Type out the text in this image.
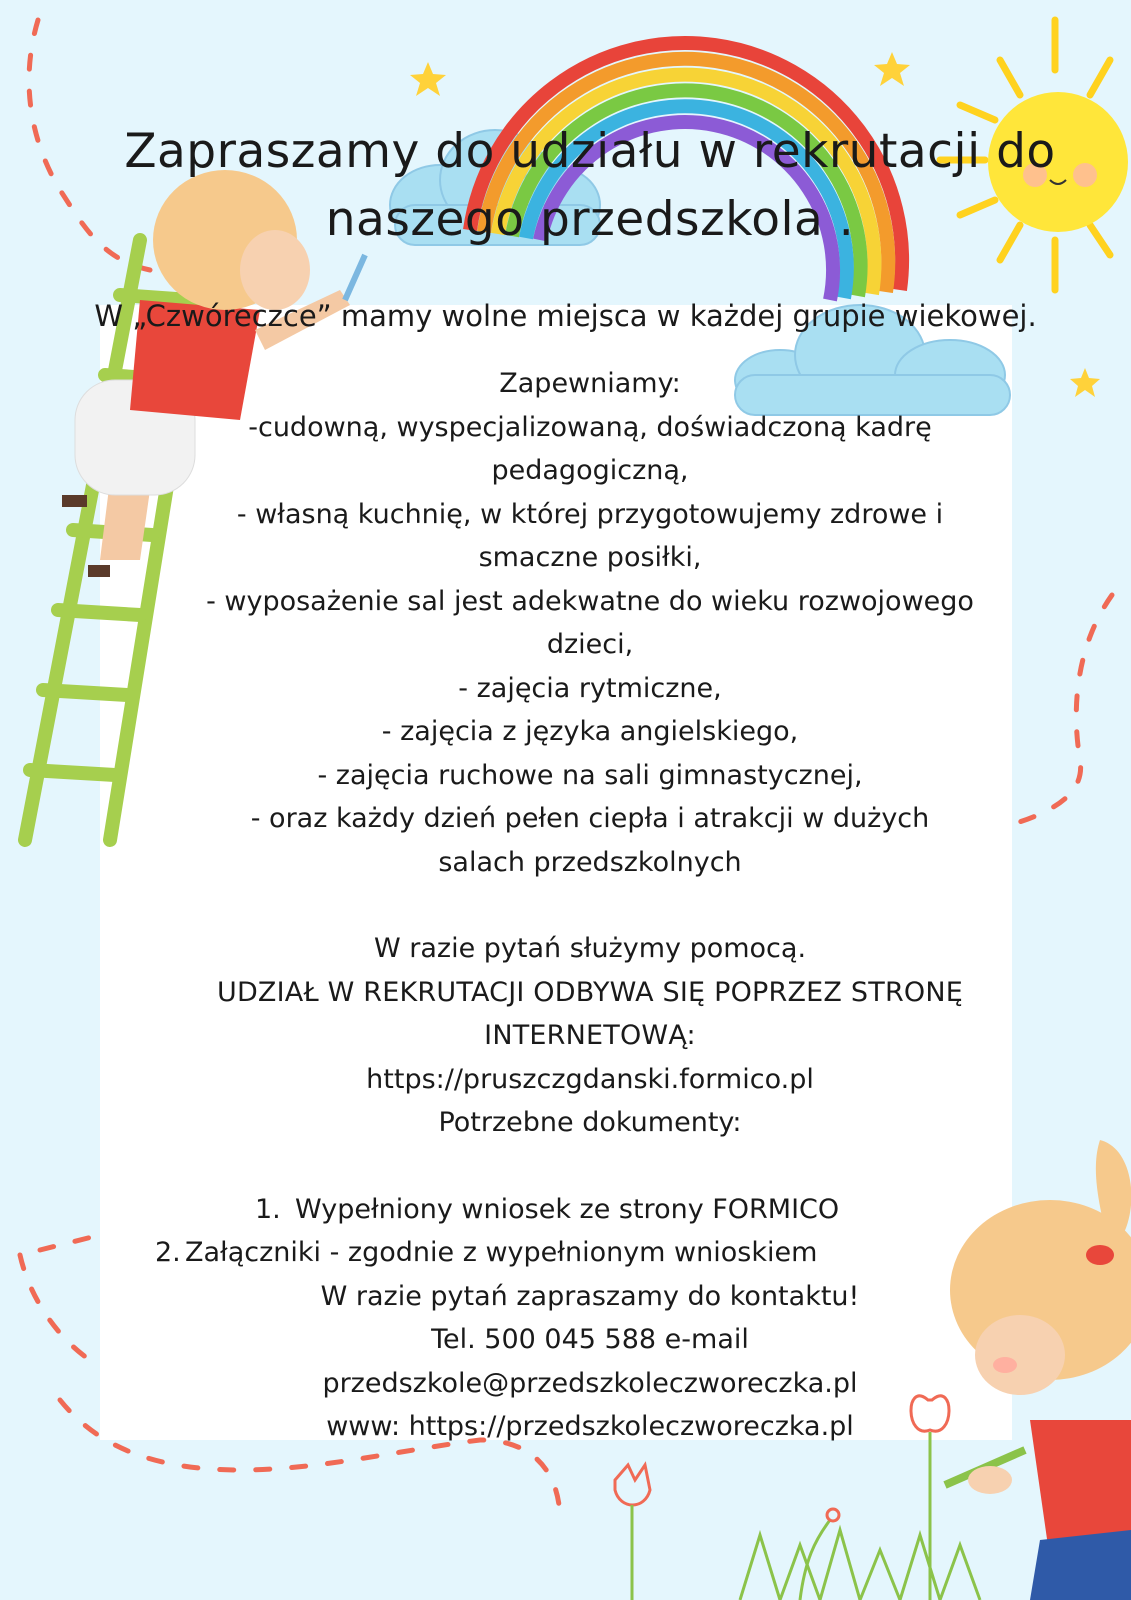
Zapraszamy do udziału w rekrutacji do
naszego przedszkola .
W „Czwóreczce” mamy wolne miejsca w każdej grupie wiekowej.

Zapewniamy:

-cudowną, wyspecjalizowaną, doświadczoną kadrę

pedagogiczną,

- własną kuchnię, w której przygotowujemy zdrowe i

smaczne posiłki,

- wyposażenie sal jest adekwatne do wieku rozwojowego

dzieci,

- zajęcia rytmiczne,

- zajęcia z języka angielskiego,

- zajęcia ruchowe na sali gimnastycznej,

- oraz każdy dzień pełen ciepła i atrakcji w dużych

salach przedszkolnych

W razie pytań służymy pomocą.

UDZIAŁ W REKRUTACJI ODBYWA SIĘ POPRZEZ STRONĘ

INTERNETOWĄ:

https://pruszczgdanski.formico.pl

Potrzebne dokumenty:

1. Wypełniony wniosek ze strony FORMICO

2. Załączniki - zgodnie z wypełnionym wnioskiem

W razie pytań zapraszamy do kontaktu!

Tel. 500 045 588 e-mail

przedszkole@przedszkoleczworeczka.pl

www: https://przedszkoleczworeczka.pl
